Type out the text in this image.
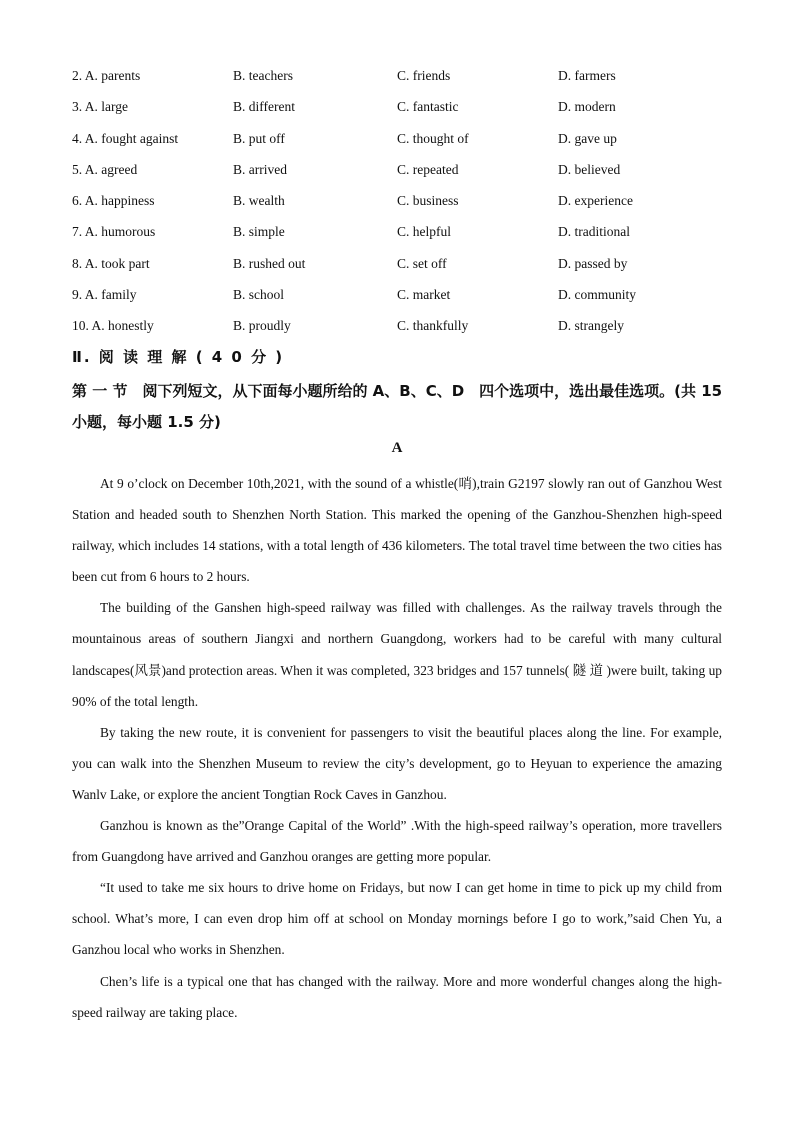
2. A. parents	B. teachers	C. friends	D. farmers
3. A. large	B. different	C. fantastic	D. modern
4. A. fought against	B. put off	C. thought of	D. gave up
5. A. agreed	B. arrived	C. repeated	D. believed
6. A. happiness	B. wealth	C. business	D. experience
7. A. humorous	B. simple	C. helpful	D. traditional
8. A. took part	B. rushed out	C. set off	D. passed by
9. A. family	B. school	C. market	D. community
10. A. honestly	B. proudly	C. thankfully	D. strangely
Ⅱ. 阅 读 理 解 ( 4 0 分 )
第 一 节　阅下列短文，从下面每小题所给的 A、B、C、D　四个选项中，选出最佳选项。(共 15 小题，每小题 1.5 分)
A

At 9 o’clock on December 10th,2021, with the sound of a whistle(哨),train G2197 slowly ran out of Ganzhou West Station and headed south to Shenzhen North Station. This marked the opening of the Ganzhou-Shenzhen high-speed railway, which includes 14 stations, with a total length of 436 kilometers. The total travel time between the two cities has been cut from 6 hours to 2 hours.

The building of the Ganshen high-speed railway was filled with challenges. As the railway travels through the mountainous areas of southern Jiangxi and northern Guangdong, workers had to be careful with many cultural landscapes(风景)and protection areas. When it was completed, 323 bridges and 157 tunnels( 隧 道 )were built, taking up 90% of the total length.

By taking the new route, it is convenient for passengers to visit the beautiful places along the line. For example, you can walk into the Shenzhen Museum to review the city’s development, go to Heyuan to experience the amazing Wanlv Lake, or explore the ancient Tongtian Rock Caves in Ganzhou.

Ganzhou is known as the”Orange Capital of the World” .With the high-speed railway’s operation, more travellers from Guangdong have arrived and Ganzhou oranges are getting more popular.

“It used to take me six hours to drive home on Fridays, but now I can get home in time to pick up my child from school. What’s more, I can even drop him off at school on Monday mornings before I go to work,”said Chen Yu, a Ganzhou local who works in Shenzhen.

Chen’s life is a typical one that has changed with the railway. More and more wonderful changes along the high-speed railway are taking place.
